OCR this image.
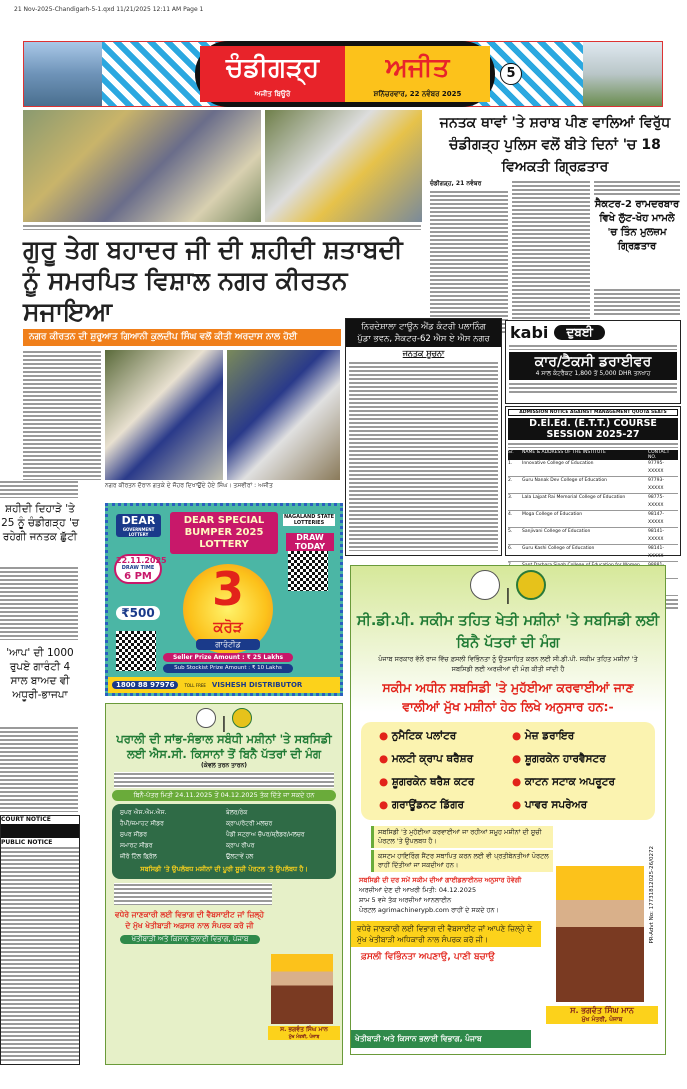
21 Nov-2025-Chandigarh-5-1.qxd 11/21/2025 12:11 AM Page 1
ਚੰਡੀਗੜ੍ਹ
ਅਜੀਤ ਬਿਊਰੋ
ਅਜੀਤ
ਸ਼ਨਿੱਚਰਵਾਰ, 22 ਨਵੰਬਰ 2025
5
ਗੁਰੂ ਤੇਗ ਬਹਾਦਰ ਜੀ ਦੀ ਸ਼ਹੀਦੀ ਸ਼ਤਾਬਦੀ ਨੂੰ ਸਮਰਪਿਤ ਵਿਸ਼ਾਲ ਨਗਰ ਕੀਰਤਨ ਸਜਾਇਆ
ਨਗਰ ਕੀਰਤਨ ਦੀ ਸ਼ੁਰੂਆਤ ਗਿਆਨੀ ਕੁਲਦੀਪ ਸਿੰਘ ਵਲੋਂ ਕੀਤੀ ਅਰਦਾਸ ਨਾਲ ਹੋਈ
ਨਗਰ ਕੀਰਤਨ ਦੌਰਾਨ ਗਤਕੇ ਦੇ ਜੌਹਰ ਦਿਖਾਉਂਦੇ ਹੋਏ ਸਿੰਘ। ਤਸਵੀਰਾਂ : ਅਜੀਤ
ਜਨਤਕ ਥਾਵਾਂ 'ਤੇ ਸ਼ਰਾਬ ਪੀਣ ਵਾਲਿਆਂ ਵਿਰੁੱਧ ਚੰਡੀਗੜ੍ਹ ਪੁਲਿਸ ਵਲੋਂ ਬੀਤੇ ਦਿਨਾਂ 'ਚ 18 ਵਿਅਕਤੀ ਗ੍ਰਿਫ਼ਤਾਰ
ਚੰਡੀਗੜ੍ਹ, 21 ਨਵੰਬਰ
ਸੈਕਟਰ-2 ਰਾਮਦਰਬਾਰ ਵਿਖੇ ਲੁੱਟ-ਖੋਹ ਮਾਮਲੇ 'ਚ ਤਿੰਨ ਮੁਲਜ਼ਮ ਗ੍ਰਿਫ਼ਤਾਰ
ਨਿਰਦੇਸ਼ਾਲਾ ਟਾਊਨ ਐਂਡ ਕੰਟਰੀ ਪਲਾਨਿੰਗ
ਪੁੱਡਾ ਭਵਨ, ਸੈਕਟਰ-62 ਐਸ ਏ ਐਸ ਨਗਰ
ਜਨਤਕ ਸੂਚਨਾ
kabi	ਦੁਬਈ
ਕਾਰ/ਟੈਕਸੀ ਡਰਾਈਵਰ
4 ਸਾਲ ਕੰਟਰੈਕਟ 1,800 ਤੋਂ 5,000 DHR ਤਨਖਾਹ
ADMISSION NOTICE AGAINST MANAGEMENT QUOTA SEATS
D.El.Ed. (E.T.T.) COURSE SESSION 2025-27
Sr.	NAME & ADDRESS OF THE INSTITUTE	CONTACT NO.
1.	Innovative College of Education	97795-XXXXX
2.	Guru Nanak Dev College of Education	97793-XXXXX
3.	Lala Lajpat Rai Memorial College of Education	98775-XXXXX
4.	Moga College of Education	98147-XXXXX
5.	Sanjivani College of Education	98141-XXXXX
6.	Guru Kashi College of Education	98141-XXXXX
ਸ਼ਹੀਦੀ ਦਿਹਾੜੇ 'ਤੇ 25 ਨੂੰ ਚੰਡੀਗੜ੍ਹ 'ਚ ਰਹੇਗੀ ਜਨਤਕ ਛੁੱਟੀ
'ਆਪ' ਦੀ 1000 ਰੁਪਏ ਗਾਰੰਟੀ 4 ਸਾਲ ਬਾਅਦ ਵੀ ਅਧੂਰੀ-ਭਾਜਪਾ
COURT NOTICE
PUBLIC NOTICE
DEAR
GOVERNMENT LOTTERY
DEAR SPECIAL BUMPER 2025 LOTTERY
NAGALAND STATE LOTTERIES
DRAW TODAY
22.11.2025
DRAW TIME
6 PM
₹500 3
ਕਰੋੜ
ਗਾਰੰਟੀਡ
Seller Prize Amount : ₹ 25 Lakhs
Sub Stockist Prize Amount : ₹ 10 Lakhs
1800 88 97976	TOLL FREE VISHESH DISTRIBUTOR
|
ਪਰਾਲੀ ਦੀ ਸਾਂਭ-ਸੰਭਾਲ ਸਬੰਧੀ ਮਸ਼ੀਨਾਂ 'ਤੇ ਸਬਸਿਡੀ ਲਈ ਐਸ.ਸੀ. ਕਿਸਾਨਾਂ ਤੋਂ ਬਿਨੈ ਪੱਤਰਾਂ ਦੀ ਮੰਗ
(ਕੇਵਲ ਤਰਨ ਤਾਰਨ)
ਬਿਨੈ-ਪੱਤਰ ਮਿਤੀ 24.11.2025 ਤੋਂ 04.12.2025 ਤੱਕ ਦਿੱਤੇ ਜਾ ਸਕਦੇ ਹਨ
ਸੁਪਰ ਐਸ.ਐਮ.ਐਸ.	ਬੇਲਰ/ਰੇਕ
ਹੈਪੀ/ਜ਼ਮਾਹਟ ਸੀਡਰ	ਕ੍ਰਾਪ/ਰੋਟਰੀ ਮਲਚਰ
ਸੁਪਰ ਸੀਡਰ	ਪੈਡੀ ਸਟ੍ਰਾਅ ਚੌਪਰ/ਸ਼੍ਰੈਡਰ/ਮਲਚਰ
ਸਮਾਰਟ ਸੀਡਰ	ਕ੍ਰਾਪ ਰੀਪਰ
ਜ਼ੀਰੋ ਟਿੱਲ ਡ੍ਰਿੱਲ	ਉਲਟਾਵੇਂ ਹਲ
ਸਬਸਿਡੀ 'ਤੇ ਉਪਲੱਬਧ ਮਸ਼ੀਨਾਂ ਦੀ ਪੂਰੀ ਸੂਚੀ ਪੋਰਟਲ 'ਤੇ ਉਪਲੱਬਧ ਹੈ।
ਵਧੇਰੇ ਜਾਣਕਾਰੀ ਲਈ ਵਿਭਾਗ ਦੀ ਵੈਬਸਾਈਟ ਜਾਂ ਜ਼ਿਲ੍ਹੇ ਦੇ ਮੁੱਖ ਖੇਤੀਬਾੜੀ ਅਫ਼ਸਰ ਨਾਲ ਸੰਪਰਕ ਕਰੋ ਜੀ
ਖੇਤੀਬਾੜੀ ਅਤੇ ਕਿਸਾਨ ਭਲਾਈ ਵਿਭਾਗ, ਪੰਜਾਬ
ਸ. ਭਗਵੰਤ ਸਿੰਘ ਮਾਨ
ਮੁੱਖ ਮੰਤਰੀ, ਪੰਜਾਬ
|
ਸੀ.ਡੀ.ਪੀ. ਸਕੀਮ ਤਹਿਤ ਖੇਤੀ ਮਸ਼ੀਨਾਂ 'ਤੇ ਸਬਸਿਡੀ ਲਈ ਬਿਨੈ ਪੱਤਰਾਂ ਦੀ ਮੰਗ
ਪੰਜਾਬ ਸਰਕਾਰ ਵੱਲੋਂ ਰਾਜ ਵਿੱਚ ਫ਼ਸਲੀ ਵਿਭਿੰਨਤਾ ਨੂੰ ਉਤਸ਼ਾਹਿਤ ਕਰਨ ਲਈ ਸੀ.ਡੀ.ਪੀ. ਸਕੀਮ ਤਹਿਤ ਮਸ਼ੀਨਾਂ 'ਤੇ ਸਬਸਿਡੀ ਲਈ ਅਰਜ਼ੀਆਂ ਦੀ ਮੰਗ ਕੀਤੀ ਜਾਂਦੀ ਹੈ
ਸਕੀਮ ਅਧੀਨ ਸਬਸਿਡੀ 'ਤੇ ਮੁਹੱਈਆ ਕਰਵਾਈਆਂ ਜਾਣ ਵਾਲੀਆਂ ਮੁੱਖ ਮਸ਼ੀਨਾਂ ਹੇਠ ਲਿਖੇ ਅਨੁਸਾਰ ਹਨ:-
● ਨੁਮੈਟਿਕ ਪਲਾਂਟਰ	● ਮੇਜ਼ ਡਰਾਇਰ
● ਮਲਟੀ ਕ੍ਰਾਪ ਥਰੈਸ਼ਰ	● ਸ਼ੂਗਰਕੇਨ ਹਾਰਵੈਸਟਰ
● ਸ਼ੂਗਰਕੇਨ ਥਰੈਸ਼ ਕਟਰ	● ਕਾਟਨ ਸਟਾਕ ਅਪਰੂਟਰ
● ਗਰਾਊਂਡਨਟ ਡਿੱਗਰ	● ਪਾਵਰ ਸਪਰੇਅਰ
ਸਬਸਿਡੀ 'ਤੇ ਮੁਹੱਈਆ ਕਰਵਾਈਆਂ ਜਾ ਰਹੀਆਂ ਸਮੂਹ ਮਸ਼ੀਨਾਂ ਦੀ ਸੂਚੀ ਪੋਰਟਲ 'ਤੇ ਉਪਲਬਧ ਹੈ।
ਕਸਟਮ ਹਾਇਰਿੰਗ ਸੈਂਟਰ ਸਥਾਪਿਤ ਕਰਨ ਲਈ ਵੀ ਪ੍ਰਤੀਬੇਨਤੀਆਂ ਪੋਰਟਲ ਰਾਹੀਂ ਦਿੱਤੀਆਂ ਜਾ ਸਕਦੀਆਂ ਹਨ।
ਸਬਸਿਡੀ ਦੀ ਦਰ ਸਮੇਂ ਸਕੀਮ ਦੀਆਂ ਗਾਈਡਲਾਈਨਜ਼ ਅਨੁਸਾਰ ਹੋਵੇਗੀ
ਅਰਜ਼ੀਆਂ ਦੇਣ ਦੀ ਆਖਰੀ ਮਿਤੀ: 04.12.2025
ਸ਼ਾਮ 5 ਵਜੇ ਤੱਕ ਅਰਜ਼ੀਆਂ ਆਨਲਾਈਨ
ਪੋਰਟਲ agrimachinerypb.com ਰਾਹੀਂ ਦੇ ਸਕਦੇ ਹਨ।
ਵਧੇਰੇ ਜਾਣਕਾਰੀ ਲਈ ਵਿਭਾਗ ਦੀ ਵੈਬਸਾਈਟ ਜਾਂ ਆਪਣੇ ਜ਼ਿਲ੍ਹੇ ਦੇ ਮੁੱਖ ਖੇਤੀਬਾੜੀ ਅਧਿਕਾਰੀ ਨਾਲ ਸੰਪਰਕ ਕਰੋ ਜੀ।
ਫ਼ਸਲੀ ਵਿਭਿੰਨਤਾ ਅਪਣਾਉ, ਪਾਣੀ ਬਚਾਉ
ਖੇਤੀਬਾੜੀ ਅਤੇ ਕਿਸਾਨ ਭਲਾਈ ਵਿਭਾਗ, ਪੰਜਾਬ
ਸ. ਭਗਵੰਤ ਸਿੰਘ ਮਾਨ
ਮੁੱਖ ਮੰਤਰੀ, ਪੰਜਾਬ
PR-Advt No: 17731812025-26/0272
